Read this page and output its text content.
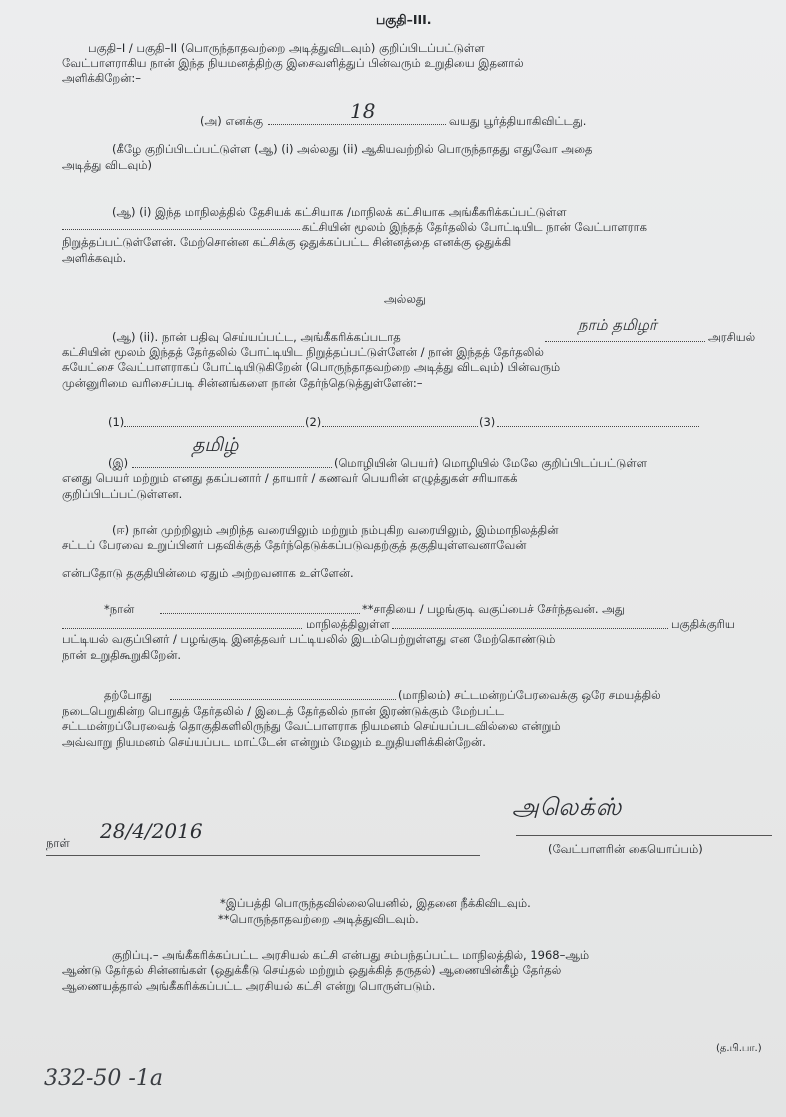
பகுதி–III.
பகுதி–I / பகுதி–II (பொருந்தாதவற்றை அடித்துவிடவும்) குறிப்பிடப்பட்டுள்ள
வேட்பாளராகிய நான் இந்த நியமனத்திற்கு இசைவளித்துப் பின்வரும் உறுதியை இதனால்
அளிக்கிறேன்:–
(அ) எனக்கு	18	வயது பூர்த்தியாகிவிட்டது.
(கீழே குறிப்பிடப்பட்டுள்ள (ஆ) (i) அல்லது (ii) ஆகியவற்றில் பொருந்தாதது எதுவோ அதை
அடித்து விடவும்)
(ஆ) (i) இந்த மாநிலத்தில் தேசியக் கட்சியாக /மாநிலக் கட்சியாக அங்கீகரிக்கப்பட்டுள்ள
கட்சியின் மூலம் இந்தத் தேர்தலில் போட்டியிட நான் வேட்பாளராக
நிறுத்தப்பட்டுள்ளேன். மேற்சொன்ன கட்சிக்கு ஒதுக்கப்பட்ட சின்னத்தை எனக்கு ஒதுக்கி
அளிக்கவும்.
அல்லது
(ஆ) (ii). நான் பதிவு செய்யப்பட்ட, அங்கீகரிக்கப்படாத
நாம் தமிழர்
அரசியல்
கட்சியின் மூலம் இந்தத் தேர்தலில் போட்டியிட நிறுத்தப்பட்டுள்ளேன் / நான் இந்தத் தேர்தலில்
சுயேட்சை வேட்பாளராகப் போட்டியிடுகிறேன் (பொருந்தாதவற்றை அடித்து விடவும்) பின்வரும்
முன்னுரிமை வரிசைப்படி சின்னங்களை நான் தேர்ந்தெடுத்துள்ளேன்:–
(1)	(2)	(3)
(இ)
தமிழ்
(மொழியின் பெயர்) மொழியில் மேலே குறிப்பிடப்பட்டுள்ள
எனது பெயர் மற்றும் எனது தகப்பனார் / தாயார் / கணவர் பெயரின் எழுத்துகள் சரியாகக்
குறிப்பிடப்பட்டுள்ளன.
(ஈ) நான் முற்றிலும் அறிந்த வரையிலும் மற்றும் நம்புகிற வரையிலும், இம்மாநிலத்தின்
சட்டப் பேரவை உறுப்பினர் பதவிக்குத் தேர்ந்தெடுக்கப்படுவதற்குத் தகுதியுள்ளவனாவேன்
என்பதோடு தகுதியின்மை ஏதும் அற்றவனாக உள்ளேன்.
*நான்	**சாதியை / பழங்குடி வகுப்பைச் சேர்ந்தவன். அது
மாநிலத்திலுள்ள	பகுதிக்குரிய
பட்டியல் வகுப்பினர் / பழங்குடி இனத்தவர் பட்டியலில் இடம்பெற்றுள்ளது என மேற்கொண்டும்
நான் உறுதிகூறுகிறேன்.
தற்போது	(மாநிலம்) சட்டமன்றப்பேரவைக்கு ஒரே சமயத்தில்
நடைபெறுகின்ற பொதுத் தேர்தலில் / இடைத் தேர்தலில் நான் இரண்டுக்கும் மேற்பட்ட
சட்டமன்றப்பேரவைத் தொகுதிகளிலிருந்து வேட்பாளராக நியமனம் செய்யப்படவில்லை என்றும்
அவ்வாறு நியமனம் செய்யப்பட மாட்டேன் என்றும் மேலும் உறுதியளிக்கின்றேன்.
அலெக்ஸ்
நாள் 28/4/2016
(வேட்பாளரின் கையொப்பம்)
*இப்பத்தி பொருந்தவில்லையெனில், இதனை நீக்கிவிடவும்.
**பொருந்தாதவற்றை அடித்துவிடவும்.
குறிப்பு.– அங்கீகரிக்கப்பட்ட அரசியல் கட்சி என்பது சம்பந்தப்பட்ட மாநிலத்தில், 1968–ஆம்
ஆண்டு தேர்தல் சின்னங்கள் (ஒதுக்கீடு செய்தல் மற்றும் ஒதுக்கித் தருதல்) ஆணையின்கீழ் தேர்தல்
ஆணையத்தால் அங்கீகரிக்கப்பட்ட அரசியல் கட்சி என்று பொருள்படும்.
(த.பி.பா.)
332-50 -1a
